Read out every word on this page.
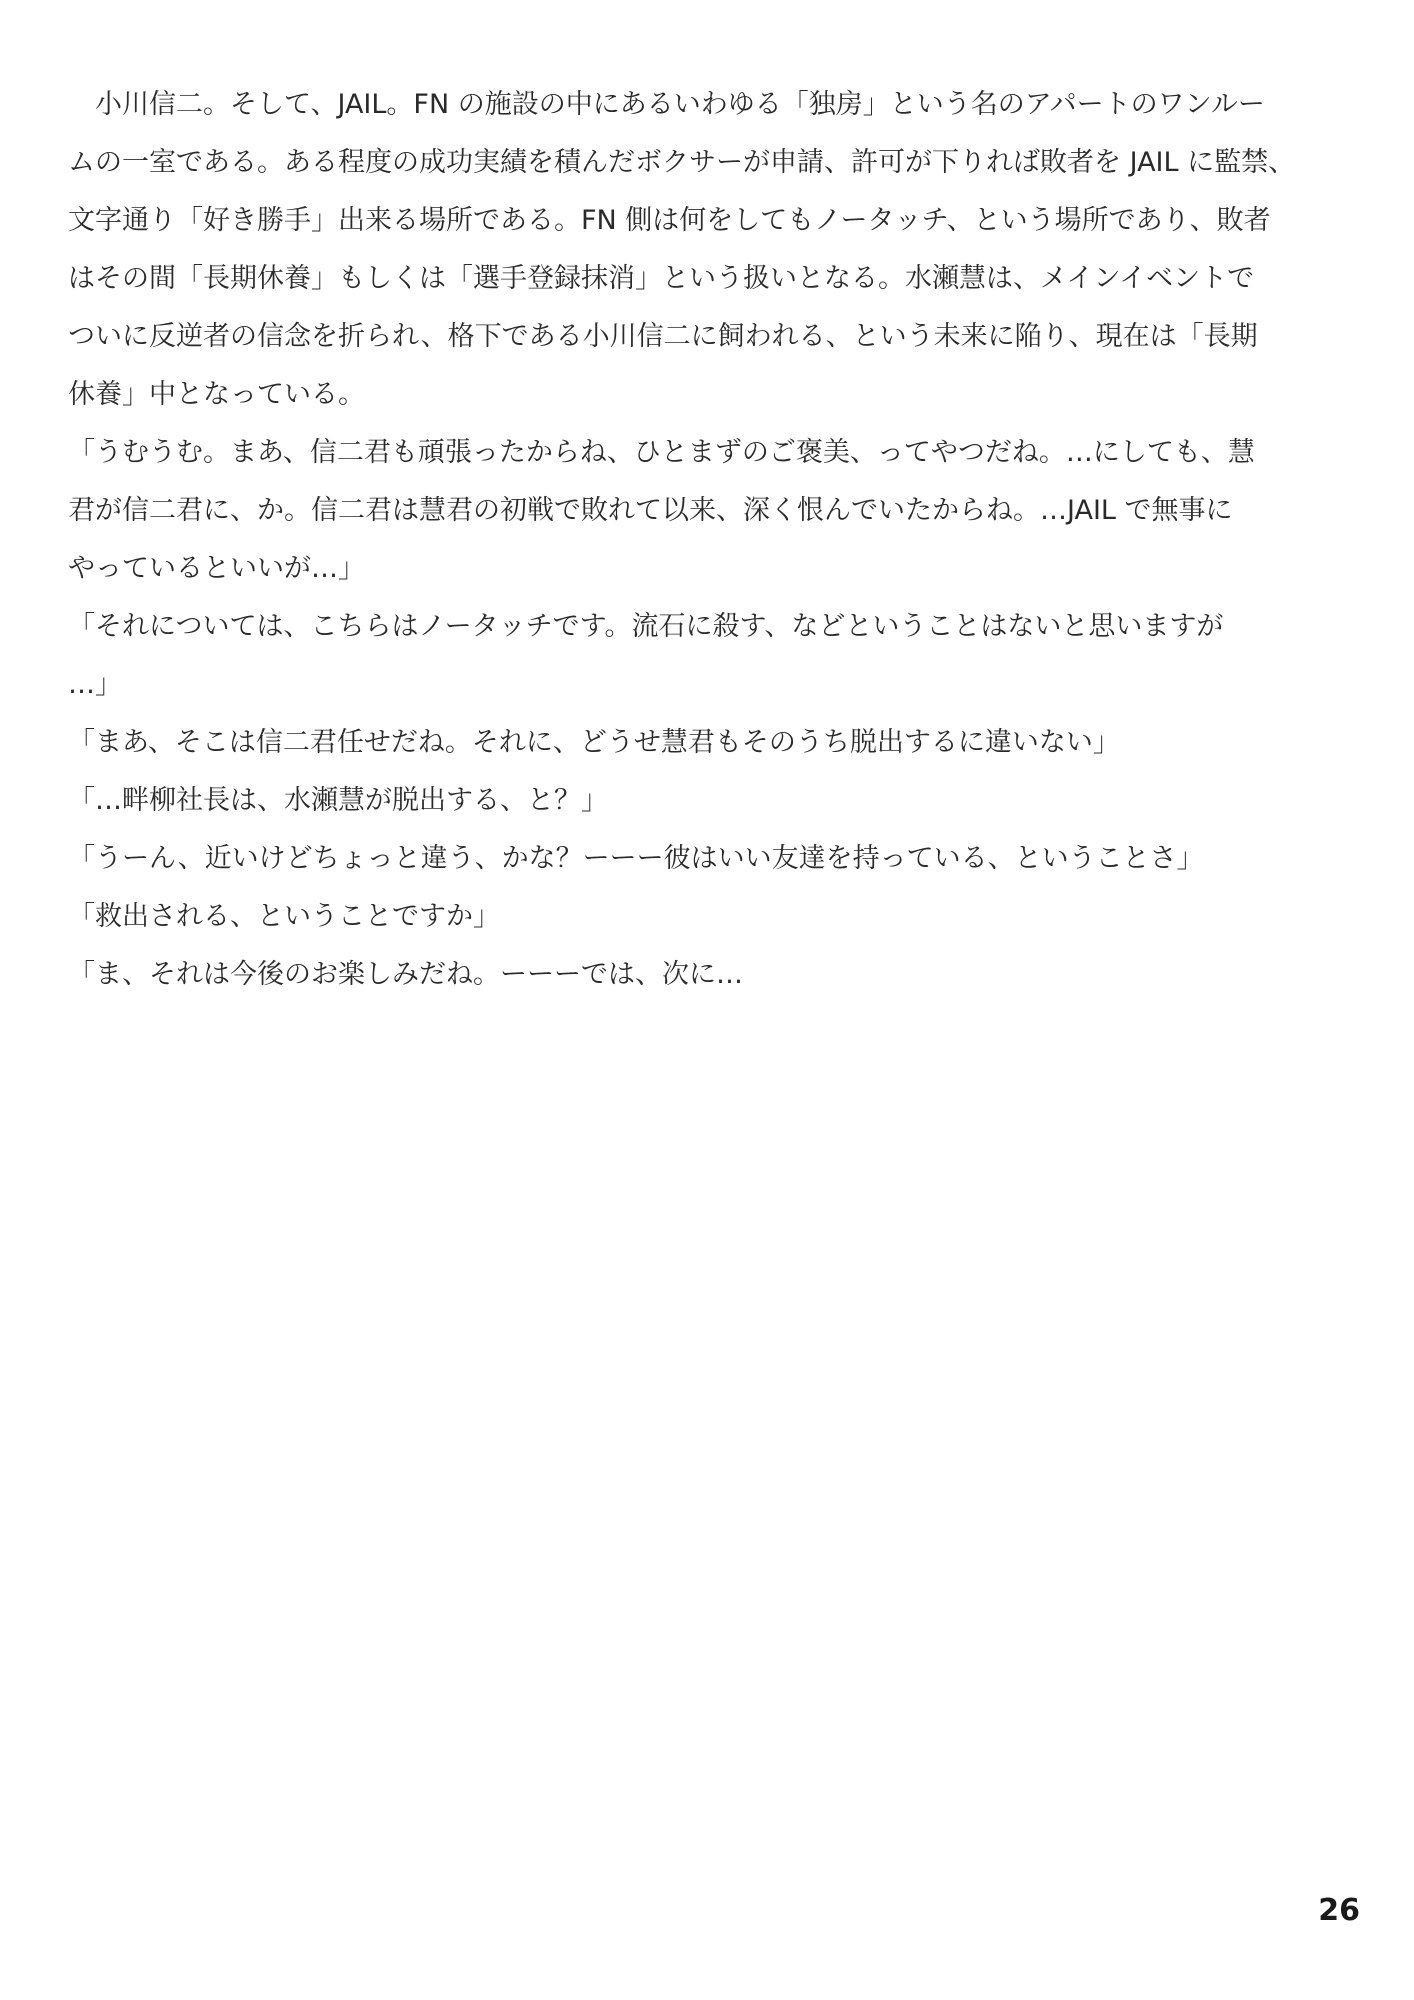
　小川信二。そして、JAIL。FN の施設の中にあるいわゆる「独房」という名のアパートのワンルー
ムの一室である。ある程度の成功実績を積んだボクサーが申請、許可が下りれば敗者を JAIL に監禁、
文字通り「好き勝手」出来る場所である。FN 側は何をしてもノータッチ、という場所であり、敗者
はその間「長期休養」もしくは「選手登録抹消」という扱いとなる。水瀬慧は、メインイベントで
ついに反逆者の信念を折られ、格下である小川信二に飼われる、という未来に陥り、現在は「長期
休養」中となっている。
「うむうむ。まあ、信二君も頑張ったからね、ひとまずのご褒美、ってやつだね。…にしても、慧
君が信二君に、か。信二君は慧君の初戦で敗れて以来、深く恨んでいたからね。…JAIL で無事に
やっているといいが…」
「それについては、こちらはノータッチです。流石に殺す、などということはないと思いますが
…」
「まあ、そこは信二君任せだね。それに、どうせ慧君もそのうち脱出するに違いない」
「…畔柳社長は、水瀬慧が脱出する、と？」
「うーん、近いけどちょっと違う、かな？ーーー彼はいい友達を持っている、ということさ」
「救出される、ということですか」
「ま、それは今後のお楽しみだね。ーーーでは、次に…
26
